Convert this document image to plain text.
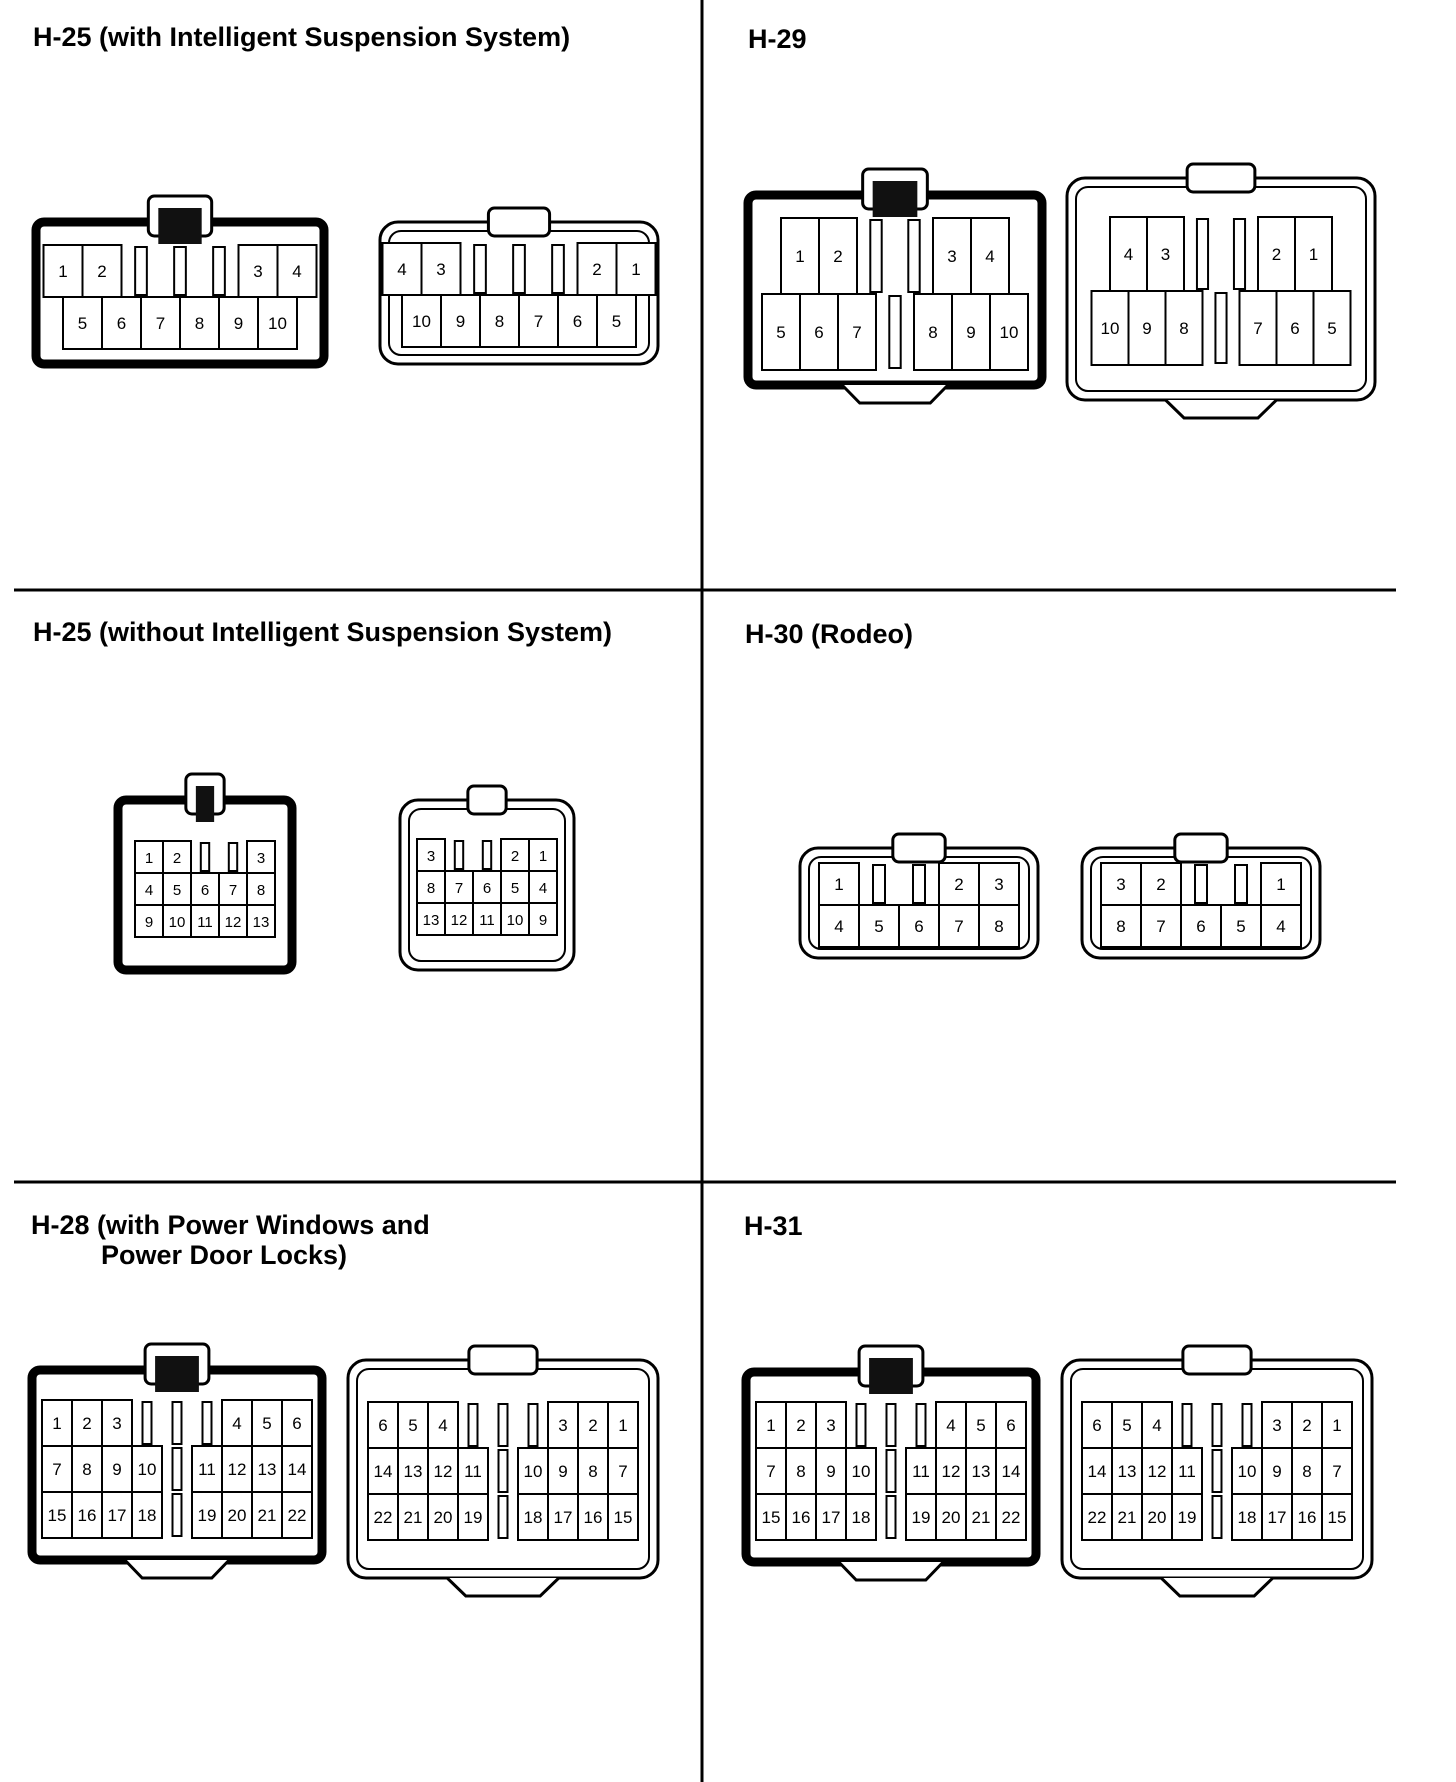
1 2	3 4
5 6 7 8 9 10
4 3	2 1
10 9 8 7 6 5
1 2	3 4
5 6 7	8 9 10
4 3	2 1
10 9 8	7 6 5
1 2	3
4 5 6 7 8
9 10 11 12 13
3	2 1
8 7 6 5 4
13 12 11 10 9
1	2 3
4 5 6 7 8
3 2	1
8 7 6 5 4
1 2 3	4 5 6
7 8 9 10 11 12 13 14
15 16 17 18 19 20 21 22
6 5 4	3 2 1
14 13 12 11 10 9 8 7
22 21 20 19 18 17 16 15
1 2 3	4 5 6
7 8 9 10 11 12 13 14
15 16 17 18 19 20 21 22
6 5 4	3 2 1
14 13 12 11 10 9 8 7
22 21 20 19 18 17 16 15
H-25 (with Intelligent Suspension System)	H-29
H-25 (without Intelligent Suspension System)	H-30 (Rodeo)
H-28 (with Power Windows and
Power Door Locks)
H-31
